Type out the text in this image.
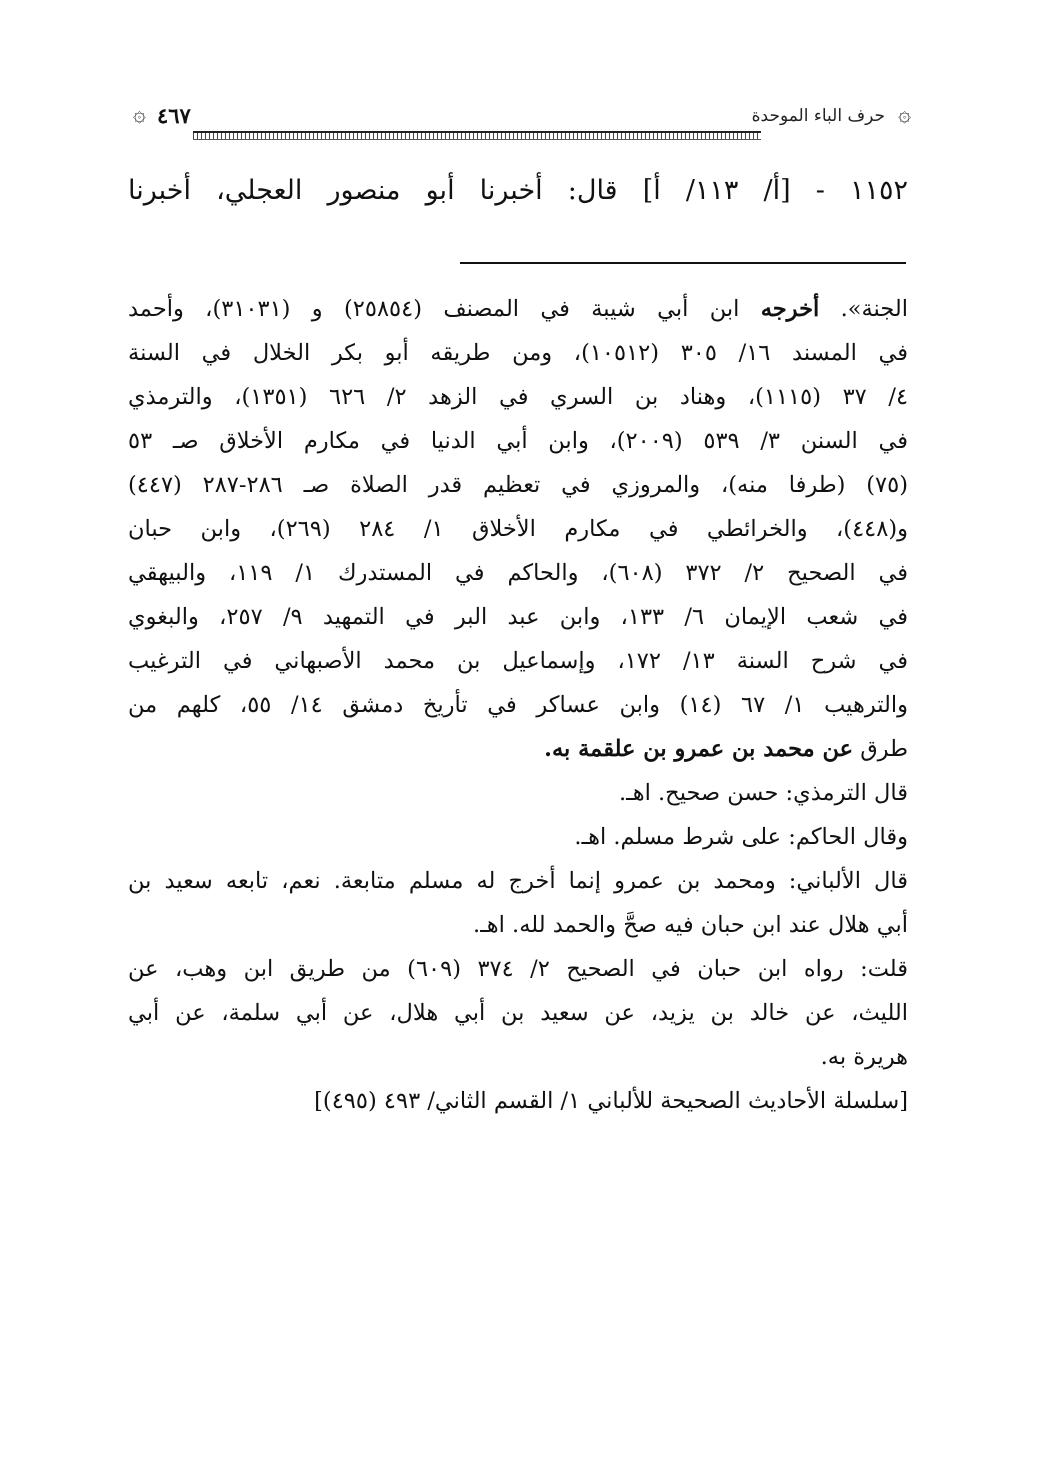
۞
حرف الباء الموحدة
٤٦٧
۞
١١٥٢ - [أ/ ١١٣/ أ] قال: أخبرنا أبو منصور العجلي، أخبرنا

الجنة». أخرجه ابن أبي شيبة في المصنف (٢٥٨٥٤) و (٣١٠٣١)، وأحمد

في المسند ١٦/ ٣٠٥ (١٠٥١٢)، ومن طريقه أبو بكر الخلال في السنة

٤/ ٣٧ (١١١٥)، وهناد بن السري في الزهد ٢/ ٦٢٦ (١٣٥١)، والترمذي

في السنن ٣/ ٥٣٩ (٢٠٠٩)، وابن أبي الدنيا في مكارم الأخلاق صـ ٥٣

(٧٥) (طرفا منه)، والمروزي في تعظيم قدر الصلاة صـ ٢٨٦-٢٨٧ (٤٤٧)

و(٤٤٨)، والخرائطي في مكارم الأخلاق ١/ ٢٨٤ (٢٦٩)، وابن حبان

في الصحيح ٢/ ٣٧٢ (٦٠٨)، والحاكم في المستدرك ١/ ١١٩، والبيهقي

في شعب الإيمان ٦/ ١٣٣، وابن عبد البر في التمهيد ٩/ ٢٥٧، والبغوي

في شرح السنة ١٣/ ١٧٢، وإسماعيل بن محمد الأصبهاني في الترغيب

والترهيب ١/ ٦٧ (١٤) وابن عساكر في تأريخ دمشق ١٤/ ٥٥، كلهم من

طرق عن محمد بن عمرو بن علقمة به.

قال الترمذي: حسن صحيح. اهـ.

وقال الحاكم: على شرط مسلم. اهـ.

قال الألباني: ومحمد بن عمرو إنما أخرج له مسلم متابعة. نعم، تابعه سعيد بن

أبي هلال عند ابن حبان فيه صحَّ والحمد لله. اهـ.

قلت: رواه ابن حبان في الصحيح ٢/ ٣٧٤ (٦٠٩) من طريق ابن وهب، عن

الليث، عن خالد بن يزيد، عن سعيد بن أبي هلال، عن أبي سلمة، عن أبي

هريرة به.

[سلسلة الأحاديث الصحيحة للألباني ١/ القسم الثاني/ ٤٩٣ (٤٩٥)]
